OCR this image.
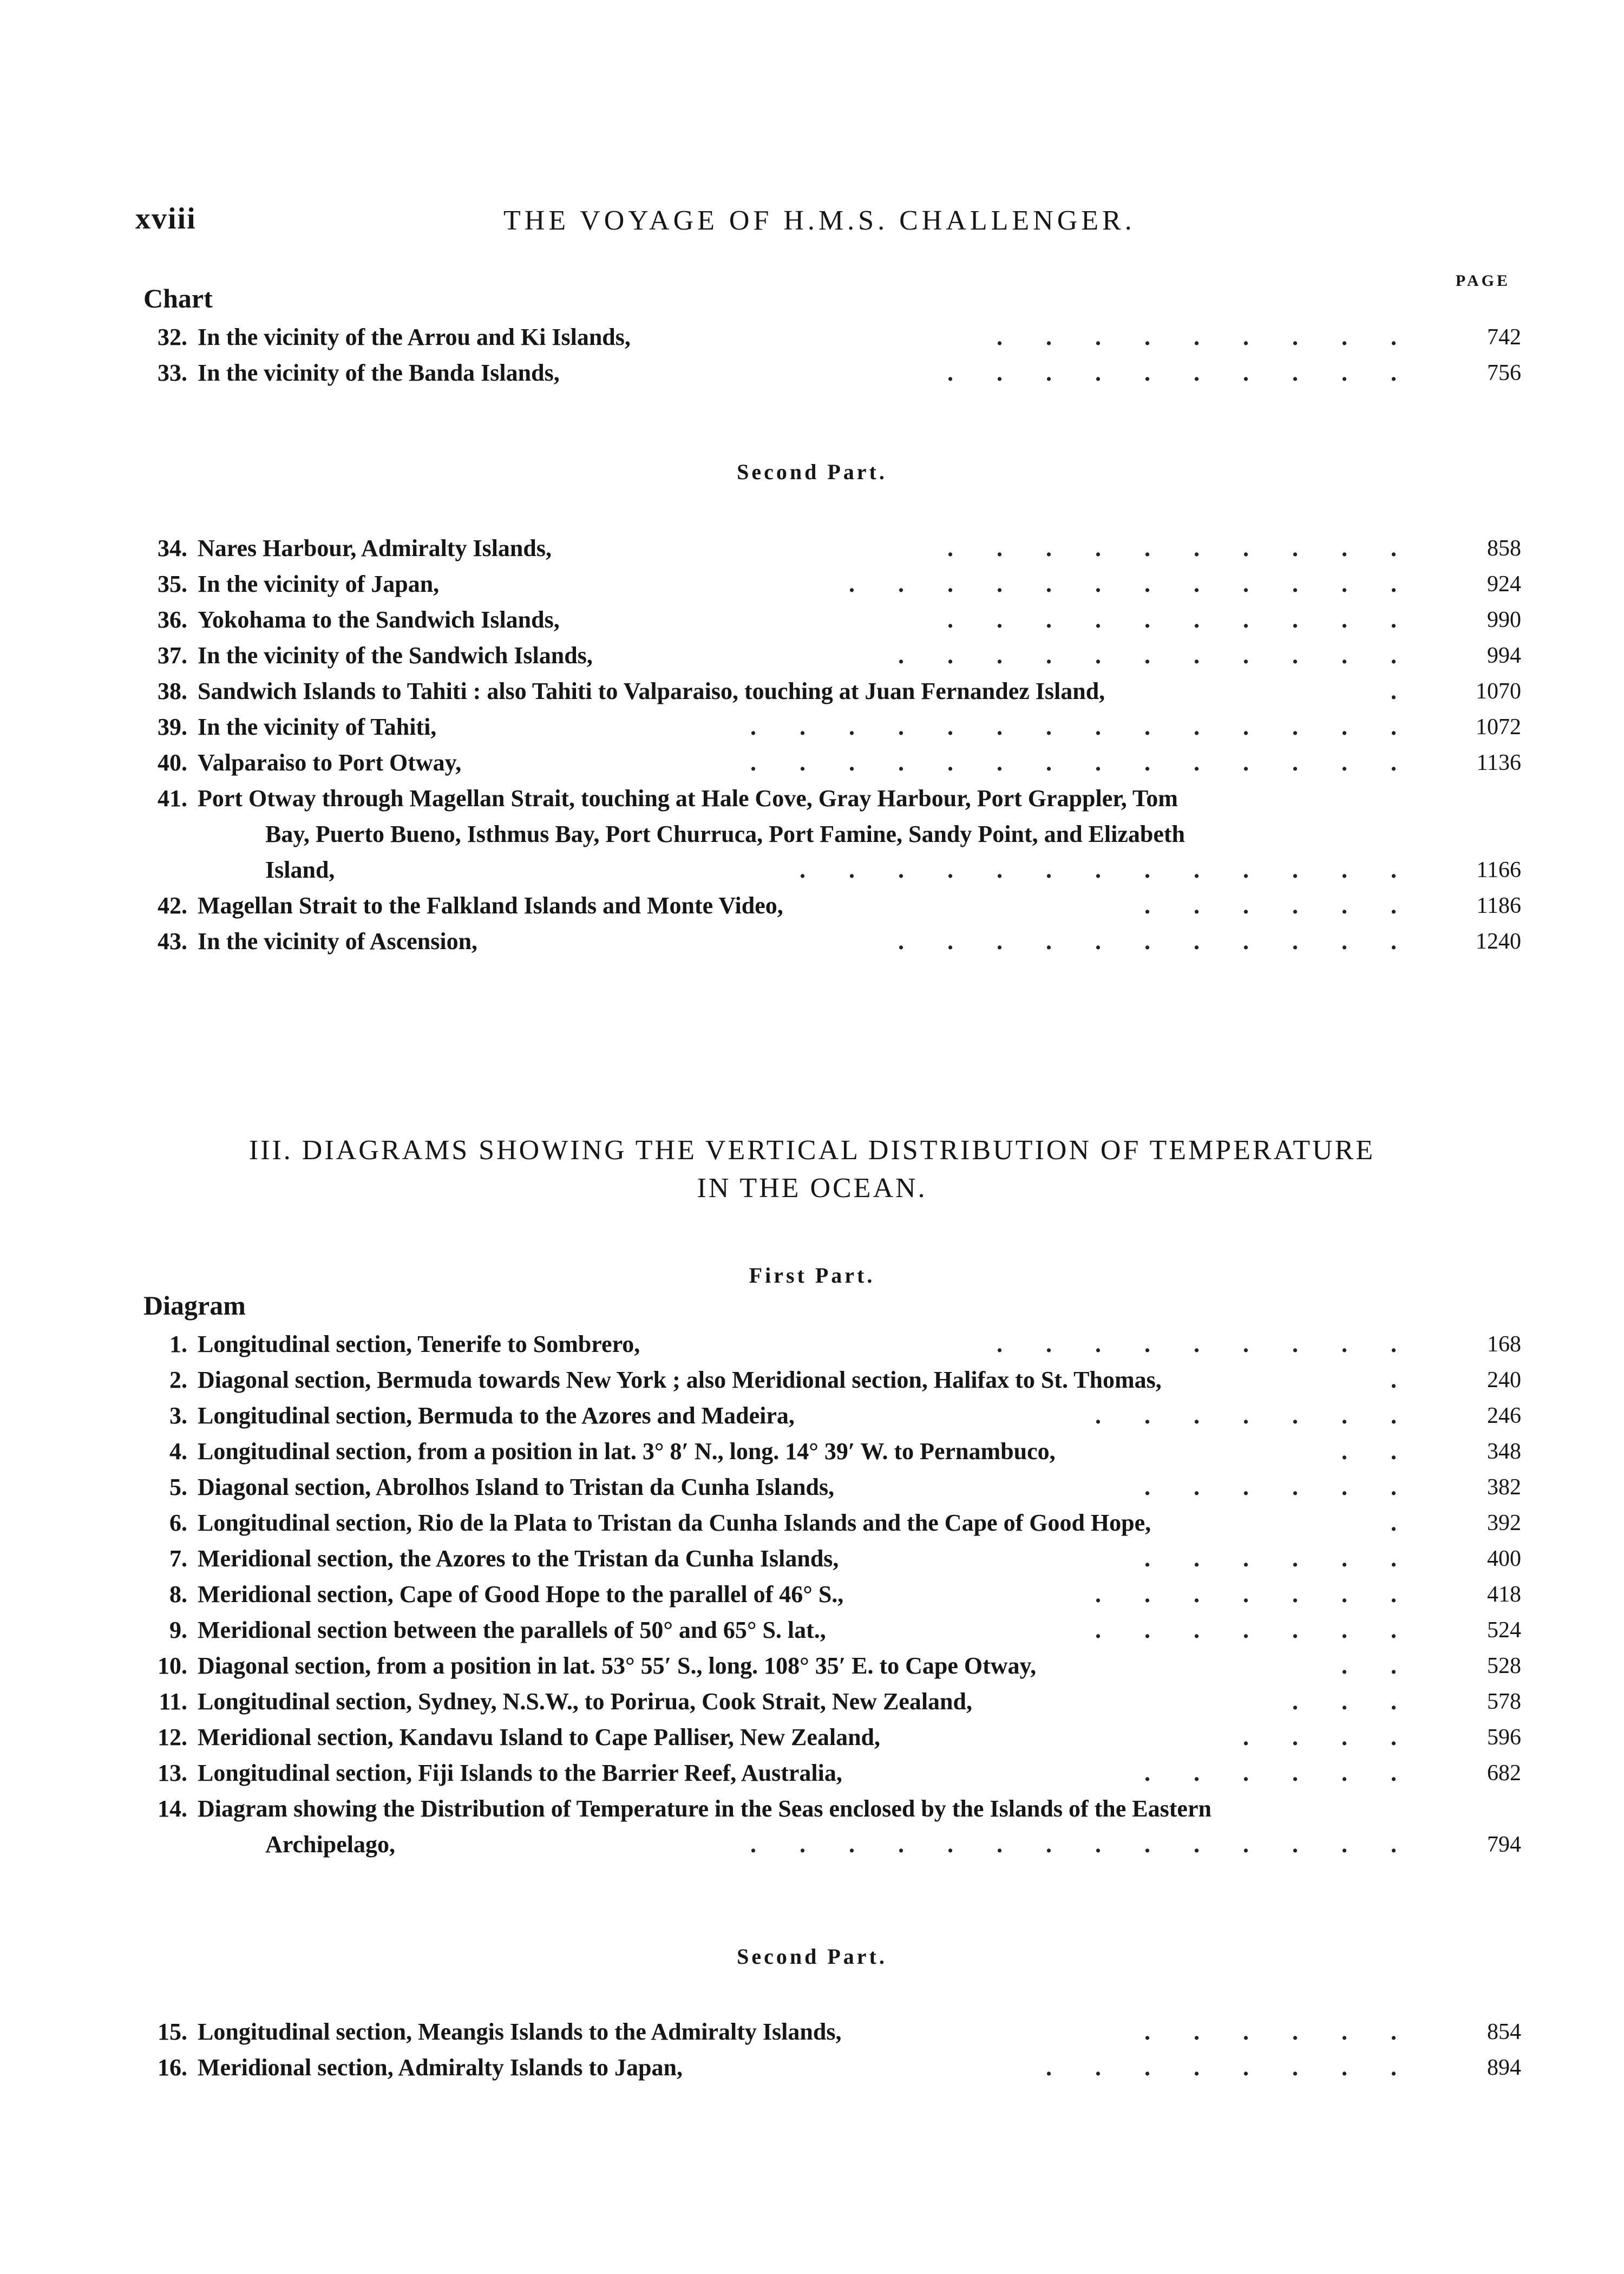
xviii	THE VOYAGE OF H.M.S. CHALLENGER.
Chart
PAGE
32. In the vicinity of the Arrou and Ki Islands,	.........	742
33. In the vicinity of the Banda Islands,	..........	756
Second Part.
34. Nares Harbour, Admiralty Islands,	..........	858
35. In the vicinity of Japan,	............	924
36. Yokohama to the Sandwich Islands,	..........	990
37. In the vicinity of the Sandwich Islands,	...........	994
38. Sandwich Islands to Tahiti : also Tahiti to Valparaiso, touching at Juan Fernandez Island,	.	1070
39. In the vicinity of Tahiti,	..............	1072
40. Valparaiso to Port Otway,	..............	1136
41. Port Otway through Magellan Strait, touching at Hale Cove, Gray Harbour, Port Grappler, Tom
Bay, Puerto Bueno, Isthmus Bay, Port Churruca, Port Famine, Sandy Point, and Elizabeth
Island,	.............	1166
42. Magellan Strait to the Falkland Islands and Monte Video,	......	1186
43. In the vicinity of Ascension,	...........	1240
III. DIAGRAMS SHOWING THE VERTICAL DISTRIBUTION OF TEMPERATURE
IN THE OCEAN.
First Part.
Diagram
1. Longitudinal section, Tenerife to Sombrero,	.........	168
2. Diagonal section, Bermuda towards New York ; also Meridional section, Halifax to St. Thomas,	.	240
3. Longitudinal section, Bermuda to the Azores and Madeira,	.......	246
4. Longitudinal section, from a position in lat. 3° 8′ N., long. 14° 39′ W. to Pernambuco,	..	348
5. Diagonal section, Abrolhos Island to Tristan da Cunha Islands,	......	382
6. Longitudinal section, Rio de la Plata to Tristan da Cunha Islands and the Cape of Good Hope,	.	392
7. Meridional section, the Azores to the Tristan da Cunha Islands,	......	400
8. Meridional section, Cape of Good Hope to the parallel of 46° S.,	.......	418
9. Meridional section between the parallels of 50° and 65° S. lat.,	.......	524
10. Diagonal section, from a position in lat. 53° 55′ S., long. 108° 35′ E. to Cape Otway,	..	528
11. Longitudinal section, Sydney, N.S.W., to Porirua, Cook Strait, New Zealand,	...	578
12. Meridional section, Kandavu Island to Cape Palliser, New Zealand,	....	596
13. Longitudinal section, Fiji Islands to the Barrier Reef, Australia,	......	682
14. Diagram showing the Distribution of Temperature in the Seas enclosed by the Islands of the Eastern
Archipelago,	..............	794
Second Part.
15. Longitudinal section, Meangis Islands to the Admiralty Islands,	......	854
16. Meridional section, Admiralty Islands to Japan,	........	894
